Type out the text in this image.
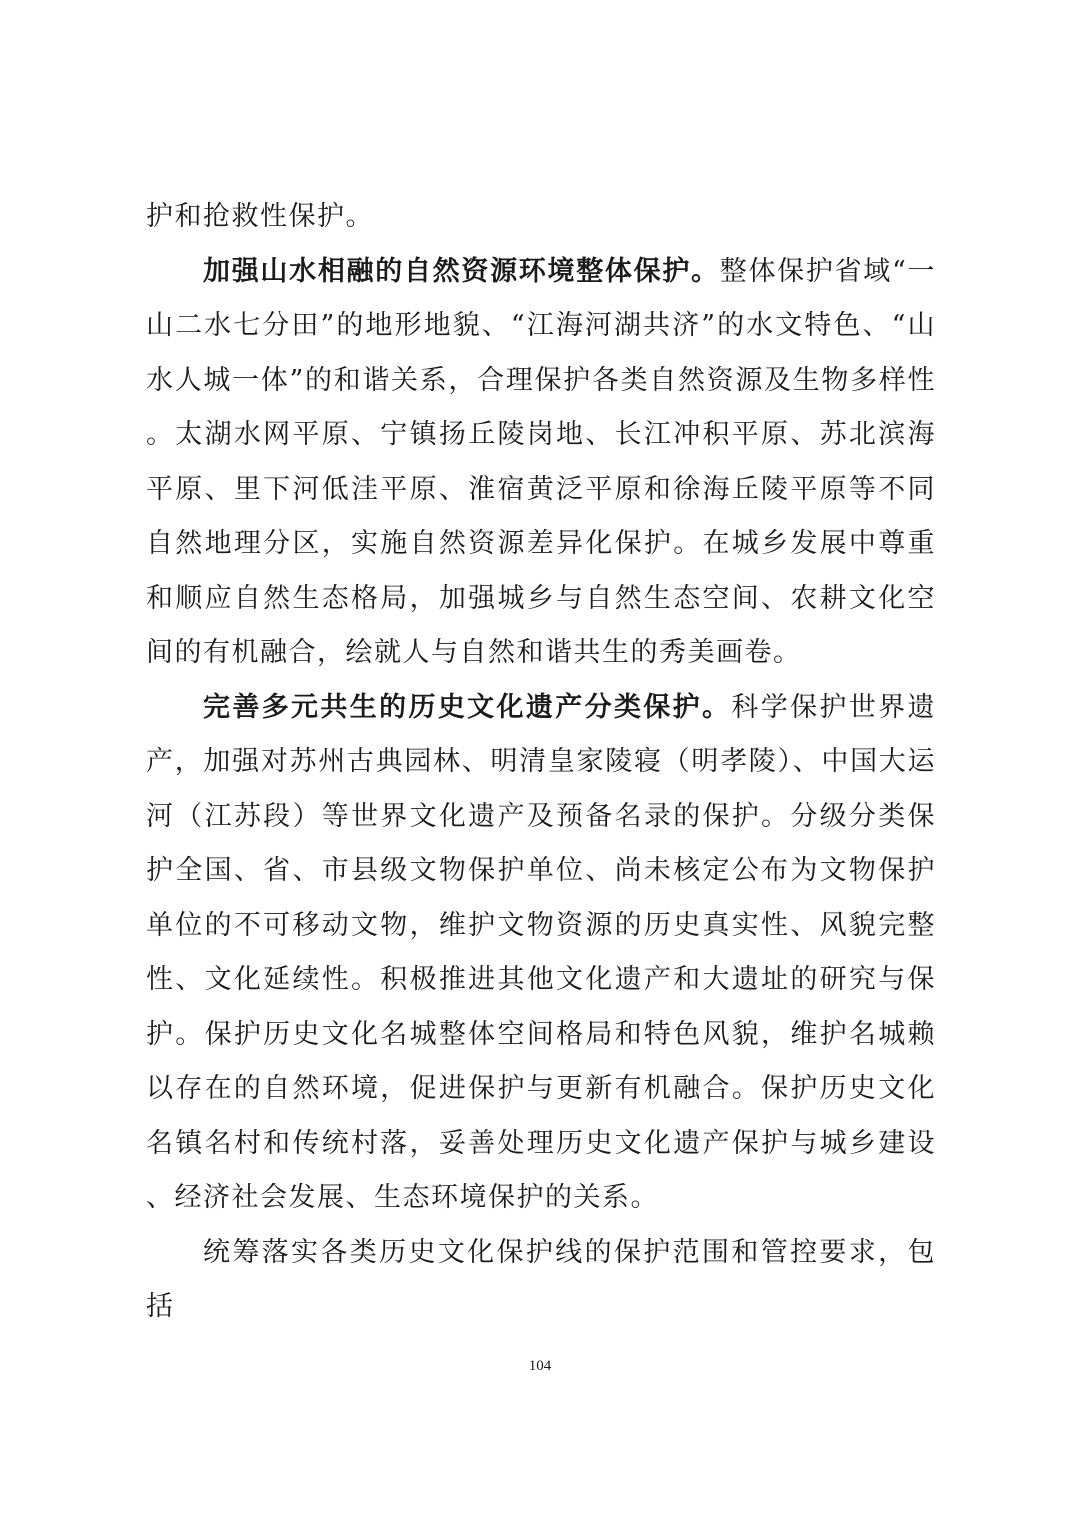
护和抢救性保护。

加强山水相融的自然资源环境整体保护。整体保护省域“一山二水七分田”的地形地貌、“江海河湖共济”的水文特色、“山水人城一体”的和谐关系，合理保护各类自然资源及生物多样性。太湖水网平原、宁镇扬丘陵岗地、长江冲积平原、苏北滨海平原、里下河低洼平原、淮宿黄泛平原和徐海丘陵平原等不同自然地理分区，实施自然资源差异化保护。在城乡发展中尊重和顺应自然生态格局，加强城乡与自然生态空间、农耕文化空间的有机融合，绘就人与自然和谐共生的秀美画卷。

完善多元共生的历史文化遗产分类保护。科学保护世界遗产，加强对苏州古典园林、明清皇家陵寝（明孝陵）、中国大运河（江苏段）等世界文化遗产及预备名录的保护。分级分类保护全国、省、市县级文物保护单位、尚未核定公布为文物保护单位的不可移动文物，维护文物资源的历史真实性、风貌完整性、文化延续性。积极推进其他文化遗产和大遗址的研究与保护。保护历史文化名城整体空间格局和特色风貌，维护名城赖以存在的自然环境，促进保护与更新有机融合。保护历史文化名镇名村和传统村落，妥善处理历史文化遗产保护与城乡建设、经济社会发展、生态环境保护的关系。

统筹落实各类历史文化保护线的保护范围和管控要求，包括

104
